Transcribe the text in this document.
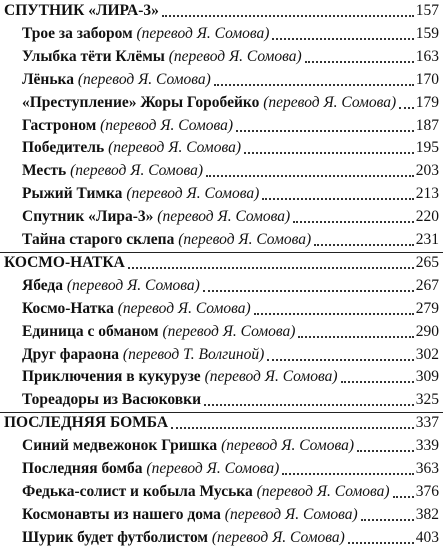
СПУТНИК «ЛИРА-3»	157
Трое за забором (перевод Я. Сомова)	159
Улыбка тёти Клёмы (перевод Я. Сомова)	163
Лёнька (перевод Я. Сомова)	170
«Преступление» Жоры Горобейко (перевод Я. Сомова) 179
Гастроном (перевод Я. Сомова)	187
Победитель (перевод Я. Сомова)	195
Месть (перевод Я. Сомова)	203
Рыжий Тимка (перевод Я. Сомова)	213
Спутник «Лира-3» (перевод Я. Сомова)	220
Тайна старого склепа (перевод Я. Сомова)	231
КОСМО-НАТКА	265
Ябеда (перевод Я. Сомова)	267
Космо-Натка (перевод Я. Сомова)	279
Единица с обманом (перевод Я. Сомова)	290
Друг фараона (перевод Т. Волгиной)	302
Приключения в кукурузе (перевод Я. Сомова)	309
Тореадоры из Васюковки	325
ПОСЛЕДНЯЯ БОМБА	337
Синий медвежонок Гришка (перевод Я. Сомова)	339
Последняя бомба (перевод Я. Сомова)	363
Федька-солист и кобыла Муська (перевод Я. Сомова) 376
Космонавты из нашего дома (перевод Я. Сомова)	382
Шурик будет футболистом (перевод Я. Сомова)	403
